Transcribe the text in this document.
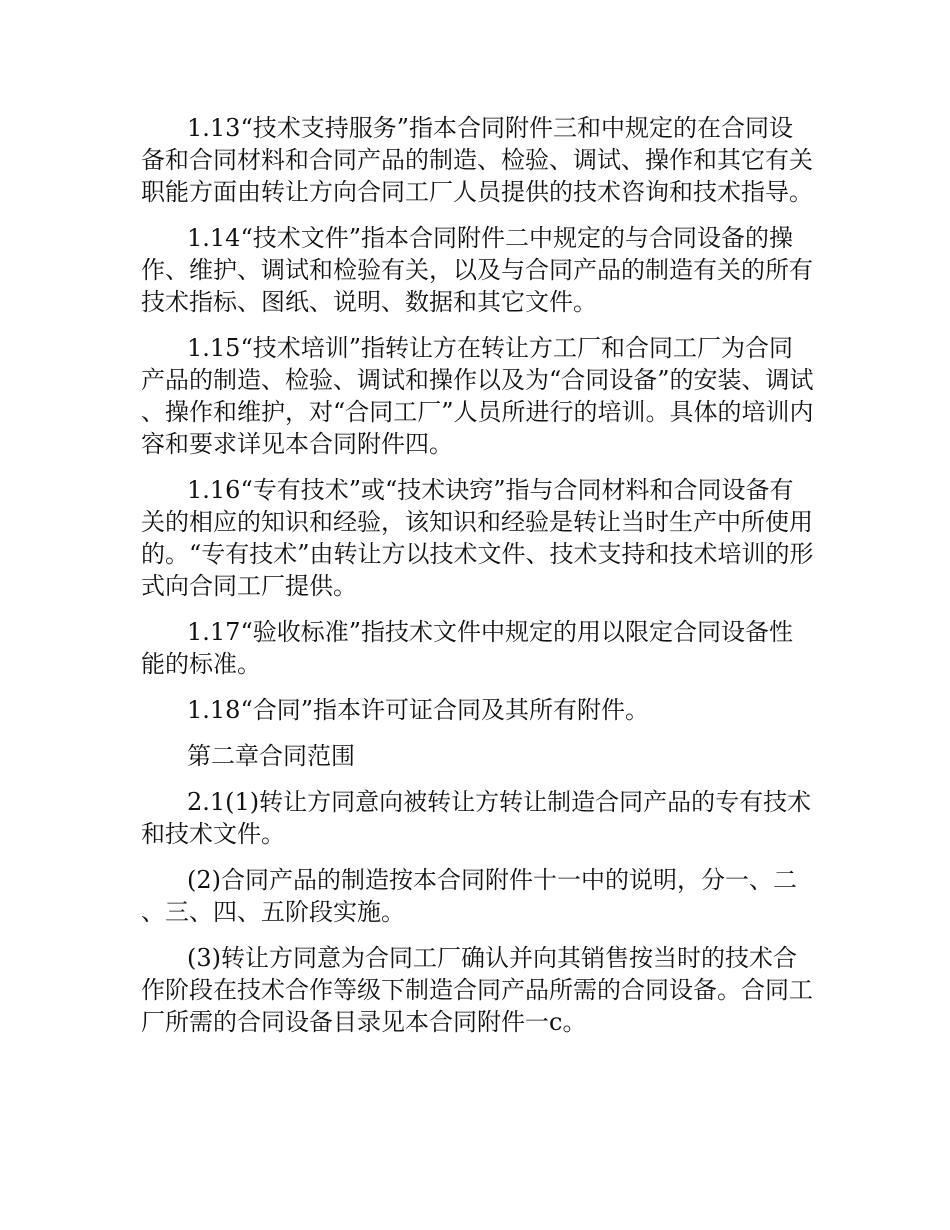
1.13“技术支持服务”指本合同附件三和中规定的在合同设备和合同材料和合同产品的制造、检验、调试、操作和其它有关职能方面由转让方向合同工厂人员提供的技术咨询和技术指导。

1.14“技术文件”指本合同附件二中规定的与合同设备的操作、维护、调试和检验有关，以及与合同产品的制造有关的所有技术指标、图纸、说明、数据和其它文件。

1.15“技术培训”指转让方在转让方工厂和合同工厂为合同产品的制造、检验、调试和操作以及为“合同设备”的安装、调试、操作和维护，对“合同工厂”人员所进行的培训。具体的培训内容和要求详见本合同附件四。

1.16“专有技术”或“技术诀窍”指与合同材料和合同设备有关的相应的知识和经验，该知识和经验是转让当时生产中所使用的。“专有技术”由转让方以技术文件、技术支持和技术培训的形式向合同工厂提供。

1.17“验收标准”指技术文件中规定的用以限定合同设备性能的标准。

1.18“合同”指本许可证合同及其所有附件。

第二章合同范围

2.1(1)转让方同意向被转让方转让制造合同产品的专有技术和技术文件。

(2)合同产品的制造按本合同附件十一中的说明，分一、二、三、四、五阶段实施。

(3)转让方同意为合同工厂确认并向其销售按当时的技术合作阶段在技术合作等级下制造合同产品所需的合同设备。合同工厂所需的合同设备目录见本合同附件一c。
